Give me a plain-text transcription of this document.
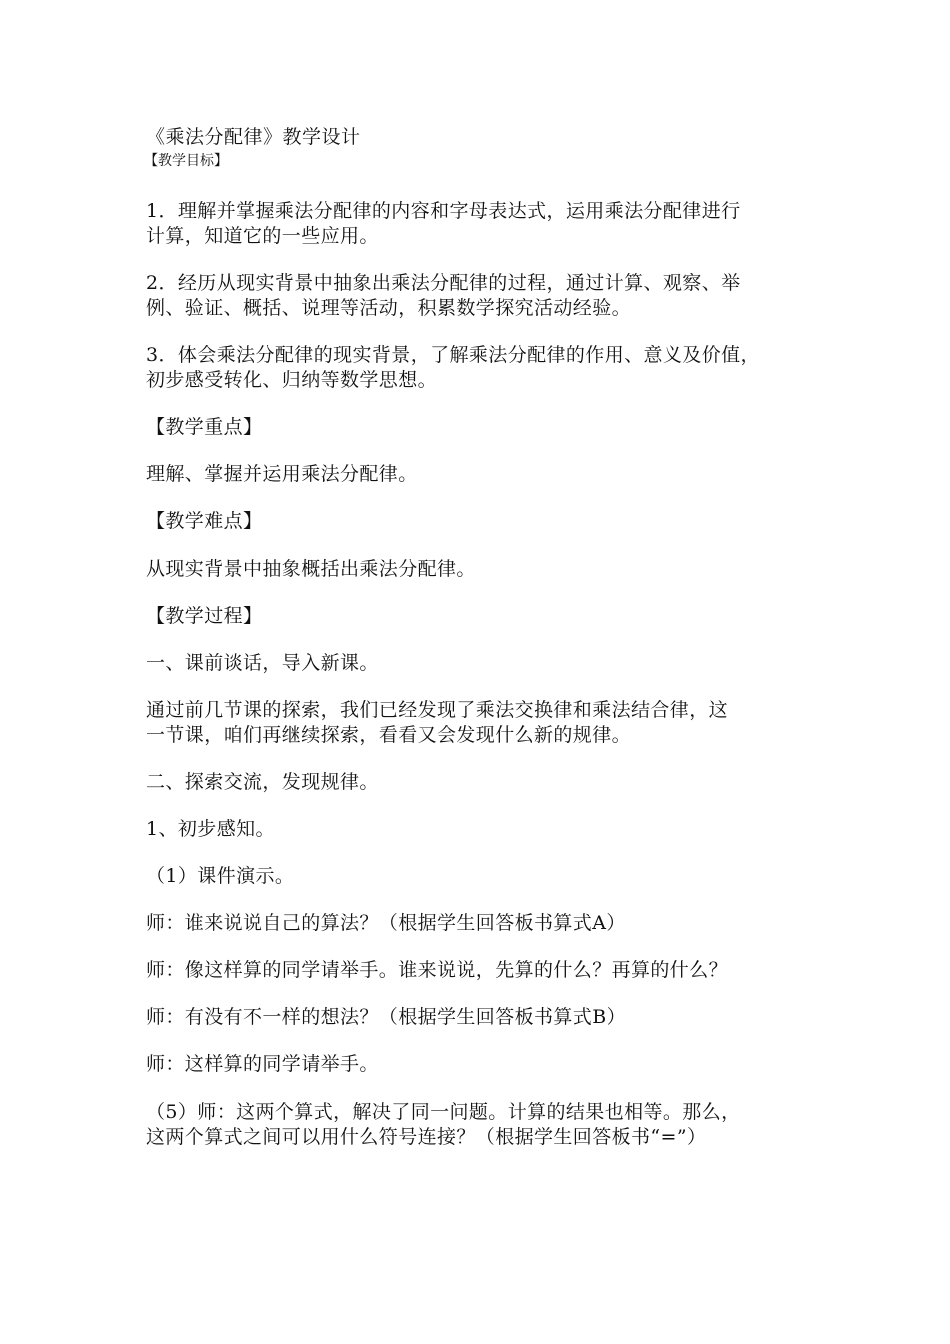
《乘法分配律》教学设计
【教学目标】
1．理解并掌握乘法分配律的内容和字母表达式，运用乘法分配律进行
计算，知道它的一些应用。
2．经历从现实背景中抽象出乘法分配律的过程，通过计算、观察、举
例、验证、概括、说理等活动，积累数学探究活动经验。
3．体会乘法分配律的现实背景，了解乘法分配律的作用、意义及价值，
初步感受转化、归纳等数学思想。
【教学重点】
理解、掌握并运用乘法分配律。
【教学难点】
从现实背景中抽象概括出乘法分配律。
【教学过程】
一、课前谈话，导入新课。
通过前几节课的探索，我们已经发现了乘法交换律和乘法结合律，这
一节课，咱们再继续探索，看看又会发现什么新的规律。
二、探索交流，发现规律。
1、初步感知。
（1）课件演示。
师：谁来说说自己的算法？（根据学生回答板书算式A）
师：像这样算的同学请举手。谁来说说，先算的什么？再算的什么？
师：有没有不一样的想法？（根据学生回答板书算式B）
师：这样算的同学请举手。
（5）师：这两个算式，解决了同一问题。计算的结果也相等。那么，
这两个算式之间可以用什么符号连接？（根据学生回答板书“=”）
